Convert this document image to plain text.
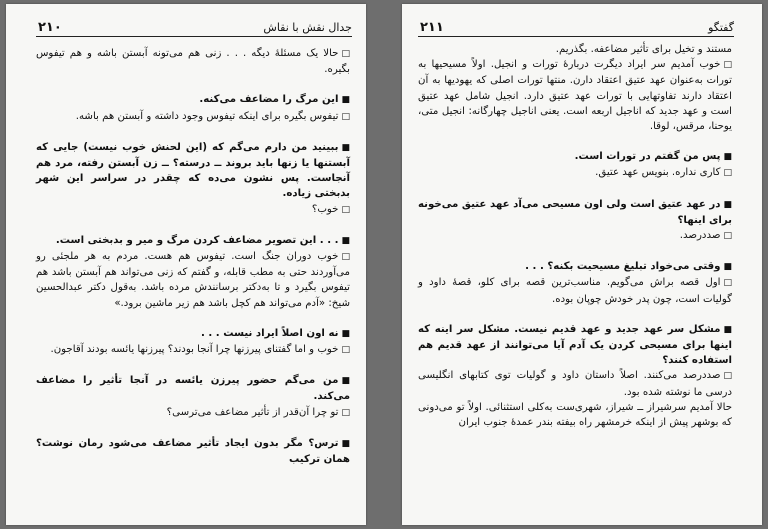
جدال نقش با نقاش
۲۱۰

□حالا یک مسئلهٔ دیگه . . . زنی هم می‌تونه آبستن باشه و هم تیفوس بگیره.

■این مرگ را مضاعف می‌کنه.

□تیفوس بگیره برای اینکه تیفوس وجود داشته و آبستن هم باشه.

■ببینید من دارم می‌گم که (این لحنش خوب نیست) جایی که آبستنها یا زنها باید بروند ــ درسته؟ ــ زن آبستن رفته، مرد هم آنجاست. پس نشون می‌ده که چقدر در سراسر این شهر بدبختی زیاده.

□خوب؟

■. . . این تصویر مضاعف کردن مرگ و میر و بدبختی است.

□خوب دوران جنگ است. تیفوس هم هست. مردم به هر ملجئی رو می‌آوردند حتی به مطب قابله، و گفتم که زنی می‌تواند هم آبستن باشد هم تیفوس بگیرد و تا به‌دکتر برسانندش مرده باشد. به‌قول دکتر عبدالحسین شیخ: «آدم می‌تواند هم کچل باشد هم زیر ماشین برود.»

■نه اون اصلاً ایراد نیست . . .

□خوب و اما گفتنای پیرزنها چرا آنجا بودند؟ پیرزنها یائسه بودند آقاجون.

■من می‌گم حضور پیرزن یائسه در آنجا تأثیر را مضاعف می‌کند.

□تو چرا آن‌قدر از تأثیر مضاعف می‌ترسی؟

■ترس؟ مگر بدون ایجاد تأثیر مضاعف می‌شود رمان نوشت؟ همان ترکیب

گفتگو
۲۱۱

مستند و تخیل برای تأثیر مضاعفه. بگذریم.

□خوب آمدیم سر ایراد دیگرت دربارهٔ تورات و انجیل. اولاً مسیحیها به تورات به‌عنوان عهد عتیق اعتقاد دارن. منتها تورات اصلی که یهودیها به آن اعتقاد دارند تفاوتهایی با تورات عهد عتیق دارد. انجیل شامل عهد عتیق است و عهد جدید که اناجیل اربعه است. یعنی اناجیل چهارگانه: انجیل متی، یوحنا، مرقس، لوقا.

■پس من گفتم در تورات است.

□کاری نداره. بنویس عهد عتیق.

■در عهد عتیق است ولی اون مسیحی می‌آد عهد عتیق می‌خونه برای اینها؟

□صددرصد.

■وقتی می‌خواد تبلیغ مسیحیت بکنه؟ . . .

□اول قصه براش می‌گویم. مناسب‌ترین قصه برای کلو، قصهٔ داود و گولیات است، چون پدر خودش چوپان بوده.

■مشکل سر عهد جدید و عهد قدیم نیست. مشکل سر اینه که اینها برای مسیحی کردن یک آدم آیا می‌توانند از عهد قدیم هم استفاده کنند؟

□صددرصد می‌کنند. اصلاً داستان داود و گولیات توی کتابهای انگلیسی درسی ما نوشته شده بود.

حالا آمدیم سرشیراز ــ شیراز، شهری‌ست به‌کلی استثنائی. اولاً تو می‌دونی که بوشهر پیش از اینکه خرمشهر راه بیفته بندر عمدهٔ جنوب ایران
